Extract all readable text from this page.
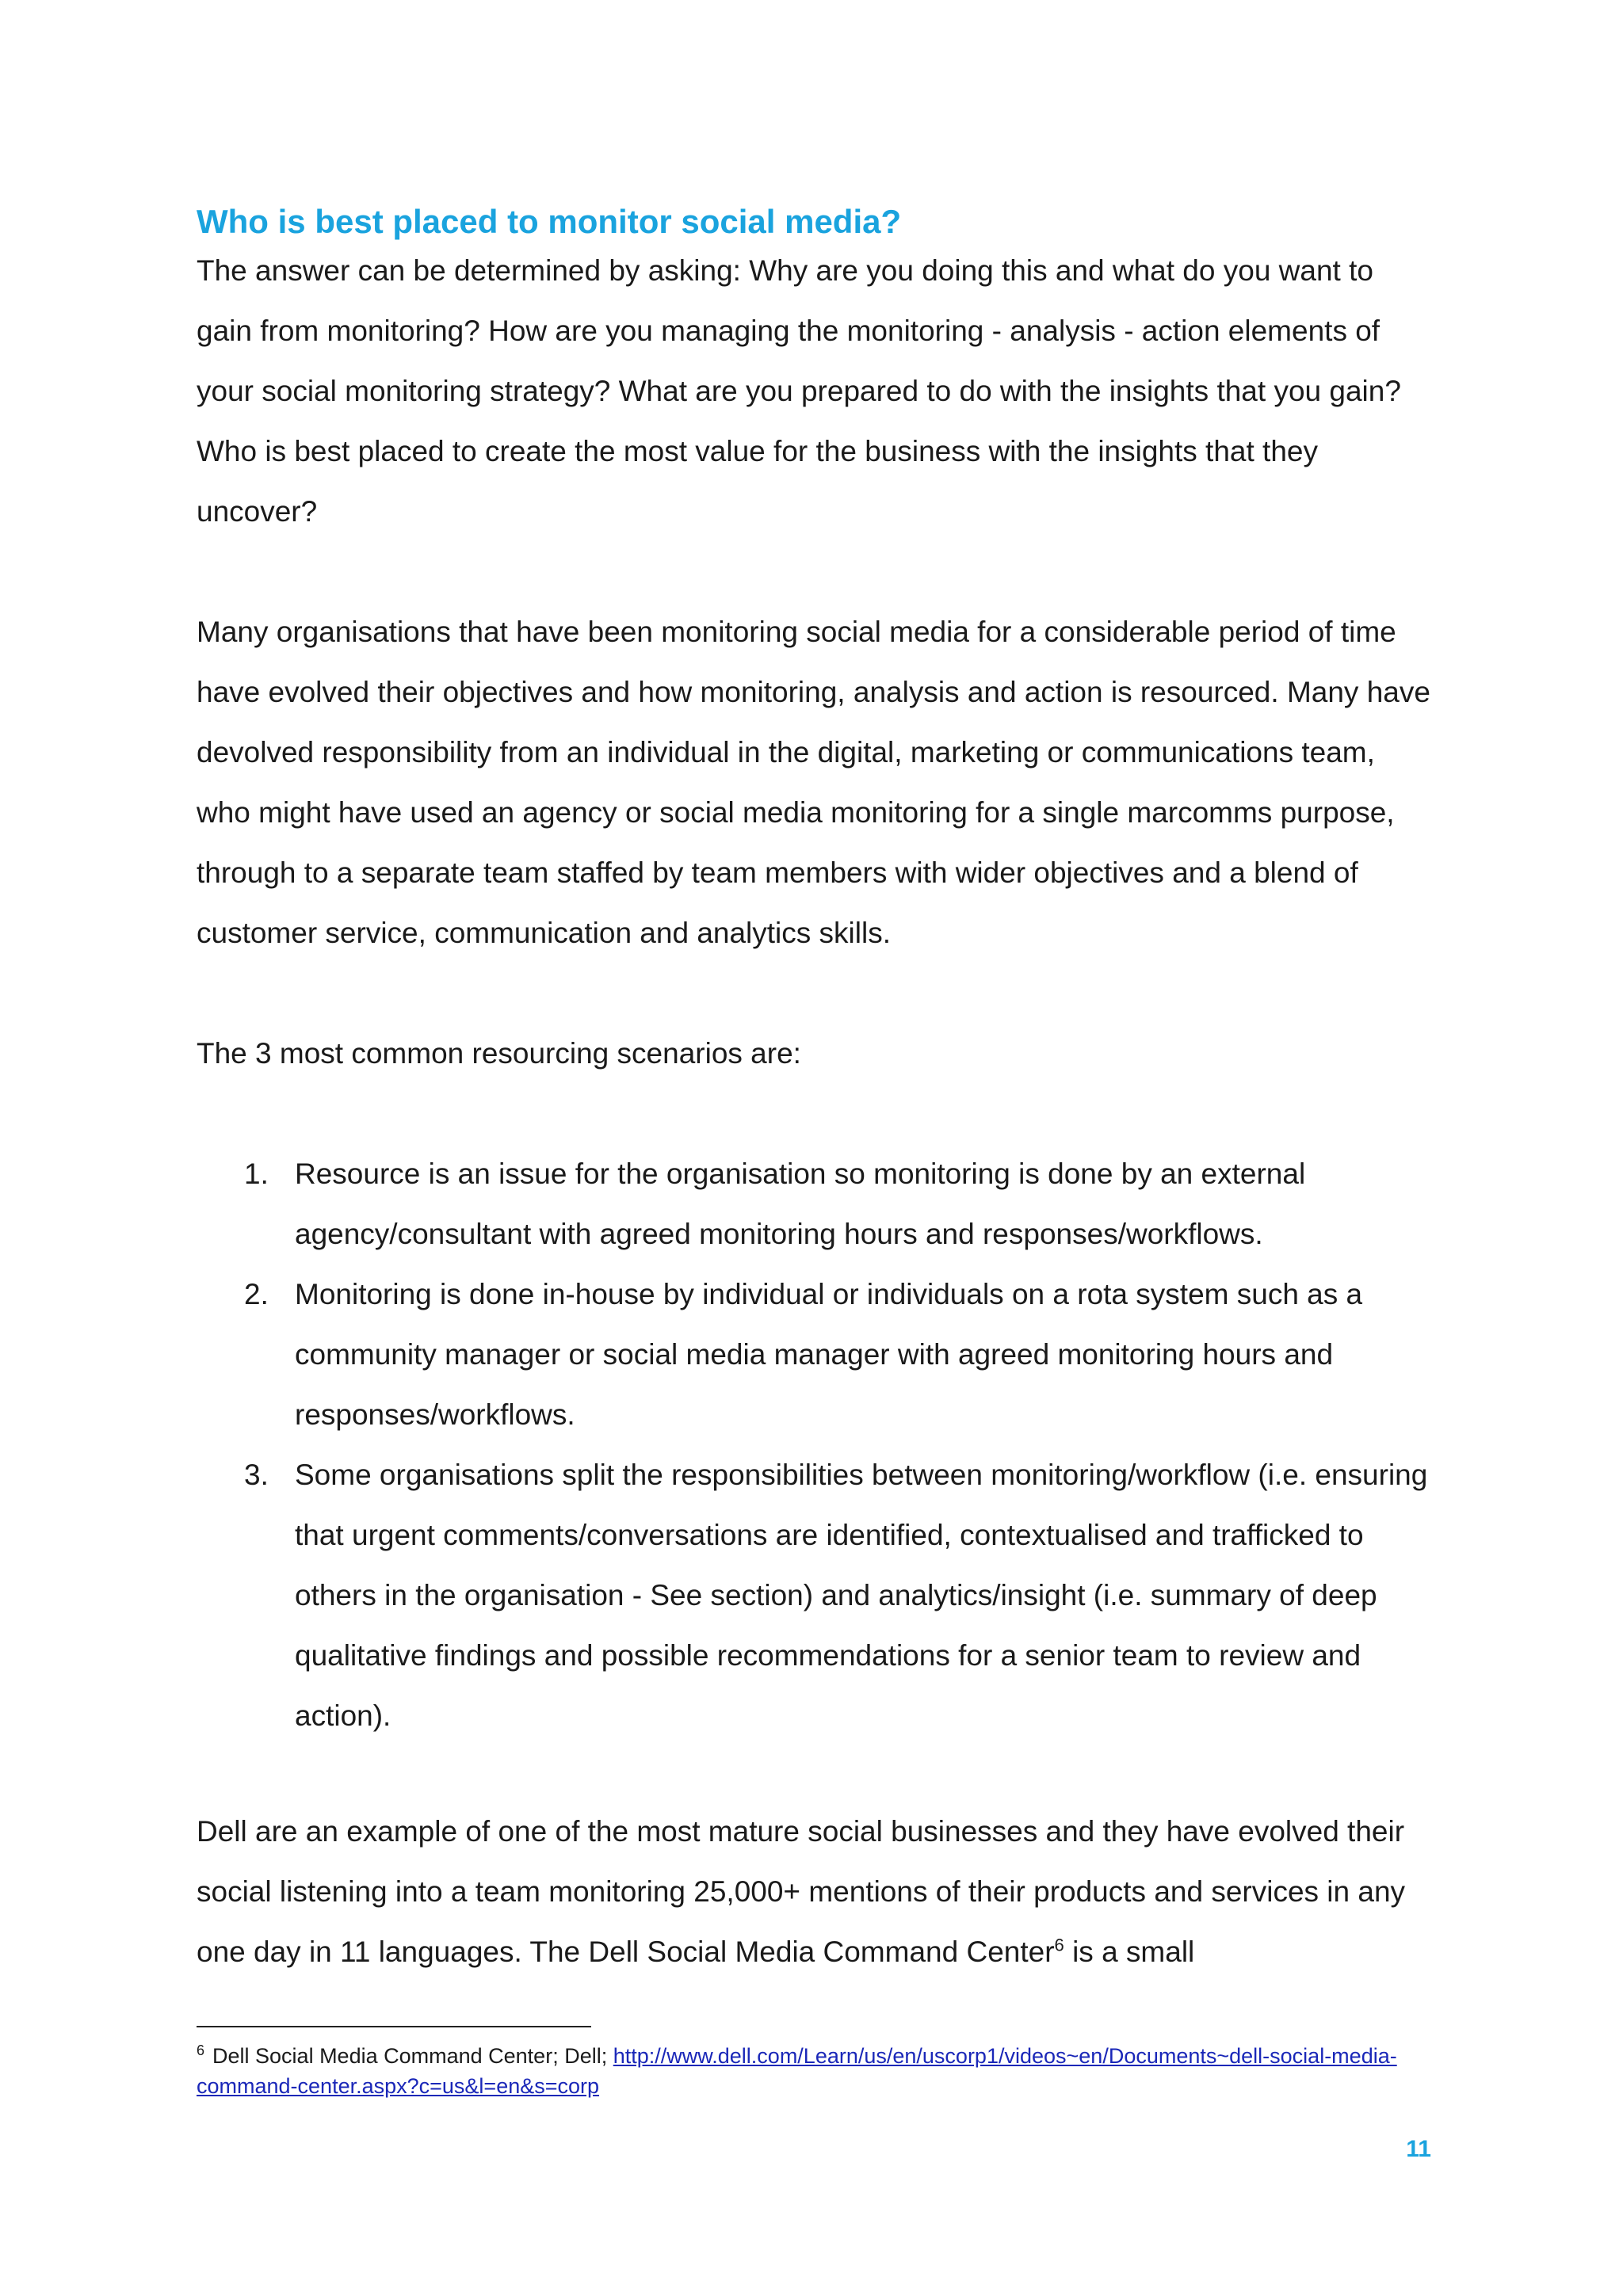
Who is best placed to monitor social media?

The answer can be determined by asking: Why are you doing this and what do you want to gain from monitoring? How are you managing the monitoring - analysis - action elements of your social monitoring strategy? What are you prepared to do with the insights that you gain? Who is best placed to create the most value for the business with the insights that they uncover?

Many organisations that have been monitoring social media for a considerable period of time have evolved their objectives and how monitoring, analysis and action is resourced. Many have devolved responsibility from an individual in the digital, marketing or communications team, who might have used an agency or social media monitoring for a single marcomms purpose, through to a separate team staffed by team members with wider objectives and a blend of customer service, communication and analytics skills.

The 3 most common resourcing scenarios are:

1. Resource is an issue for the organisation so monitoring is done by an external agency/consultant with agreed monitoring hours and responses/workflows.
2. Monitoring is done in-house by individual or individuals on a rota system such as a community manager or social media manager with agreed monitoring hours and responses/workflows.
3. Some organisations split the responsibilities between monitoring/workflow (i.e. ensuring that urgent comments/conversations are identified, contextualised and trafficked to others in the organisation - See section) and analytics/insight (i.e. summary of deep qualitative findings and possible recommendations for a senior team to review and action).

Dell are an example of one of the most mature social businesses and they have evolved their social listening into a team monitoring 25,000+ mentions of their products and services in any one day in 11 languages. The Dell Social Media Command Center$^6$ is a small

$^6$ Dell Social Media Command Center; Dell; http://www.dell.com/Learn/us/en/uscorp1/videos~en/Documents~dell-social-media-command-center.aspx?c=us&l=en&s=corp
11
